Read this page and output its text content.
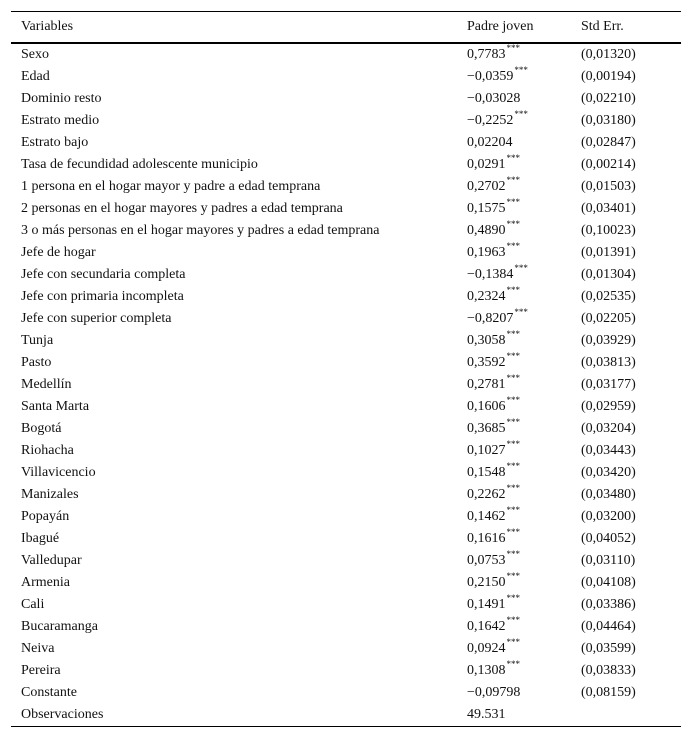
Variables	Padre joven	Std Err.
Sexo	0,7783***	(0,01320)
Edad	−0,0359***	(0,00194)
Dominio resto	−0,03028	(0,02210)
Estrato medio	−0,2252***	(0,03180)
Estrato bajo	0,02204	(0,02847)
Tasa de fecundidad adolescente municipio	0,0291***	(0,00214)
1 persona en el hogar mayor y padre a edad temprana	0,2702***	(0,01503)
2 personas en el hogar mayores y padres a edad temprana	0,1575***	(0,03401)
3 o más personas en el hogar mayores y padres a edad temprana	0,4890***	(0,10023)
Jefe de hogar	0,1963***	(0,01391)
Jefe con secundaria completa	−0,1384***	(0,01304)
Jefe con primaria incompleta	0,2324***	(0,02535)
Jefe con superior completa	−0,8207***	(0,02205)
Tunja	0,3058***	(0,03929)
Pasto	0,3592***	(0,03813)
Medellín	0,2781***	(0,03177)
Santa Marta	0,1606***	(0,02959)
Bogotá	0,3685***	(0,03204)
Riohacha	0,1027***	(0,03443)
Villavicencio	0,1548***	(0,03420)
Manizales	0,2262***	(0,03480)
Popayán	0,1462***	(0,03200)
Ibagué	0,1616***	(0,04052)
Valledupar	0,0753***	(0,03110)
Armenia	0,2150***	(0,04108)
Cali	0,1491***	(0,03386)
Bucaramanga	0,1642***	(0,04464)
Neiva	0,0924***	(0,03599)
Pereira	0,1308***	(0,03833)
Constante	−0,09798	(0,08159)
Observaciones	49.531	
